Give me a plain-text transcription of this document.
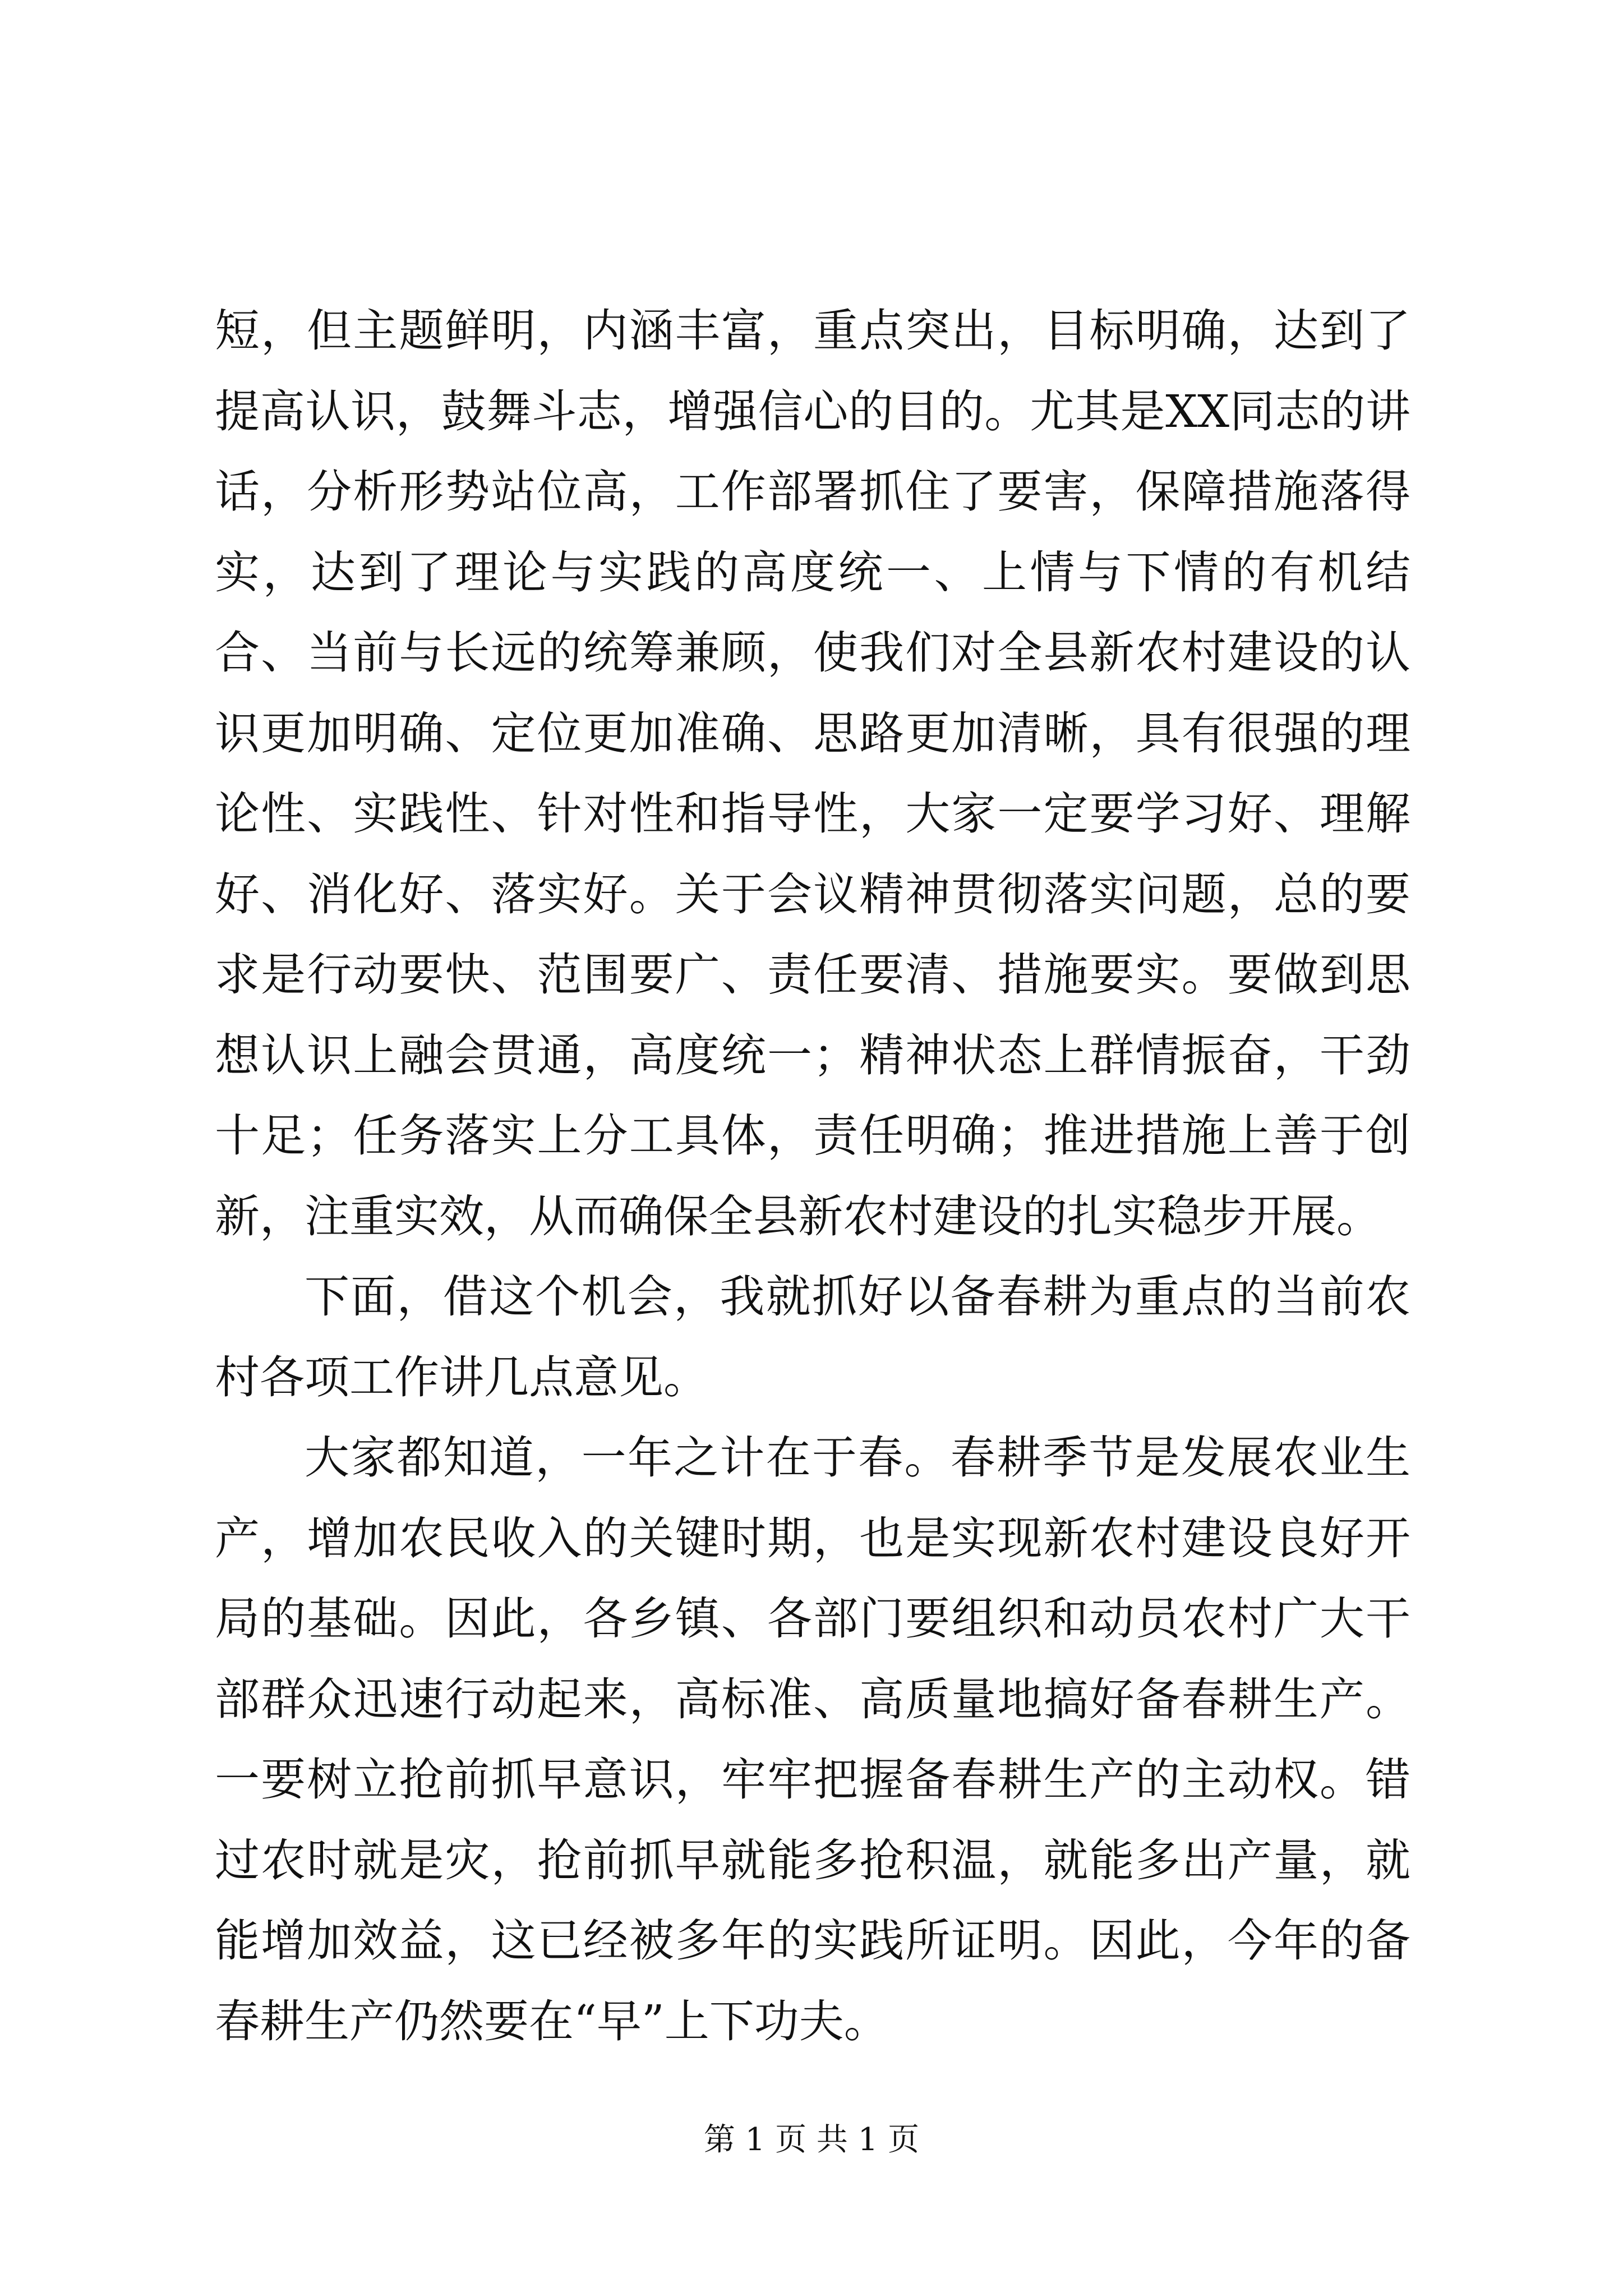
短，但主题鲜明，内涵丰富，重点突出，目标明确，达到了提高认识，鼓舞斗志，增强信心的目的。尤其是XX同志的讲话，分析形势站位高，工作部署抓住了要害，保障措施落得实，达到了理论与实践的高度统一、上情与下情的有机结合、当前与长远的统筹兼顾，使我们对全县新农村建设的认识更加明确、定位更加准确、思路更加清晰，具有很强的理论性、实践性、针对性和指导性，大家一定要学习好、理解好、消化好、落实好。关于会议精神贯彻落实问题，总的要求是行动要快、范围要广、责任要清、措施要实。要做到思想认识上融会贯通，高度统一；精神状态上群情振奋，干劲十足；任务落实上分工具体，责任明确；推进措施上善于创新，注重实效，从而确保全县新农村建设的扎实稳步开展。

下面，借这个机会，我就抓好以备春耕为重点的当前农村各项工作讲几点意见。

大家都知道，一年之计在于春。春耕季节是发展农业生产，增加农民收入的关键时期，也是实现新农村建设良好开局的基础。因此，各乡镇、各部门要组织和动员农村广大干部群众迅速行动起来，高标准、高质量地搞好备春耕生产。一要树立抢前抓早意识，牢牢把握备春耕生产的主动权。错过农时就是灾，抢前抓早就能多抢积温，就能多出产量，就能增加效益，这已经被多年的实践所证明。因此，今年的备春耕生产仍然要在“早”上下功夫。

第 1 页 共 1 页
